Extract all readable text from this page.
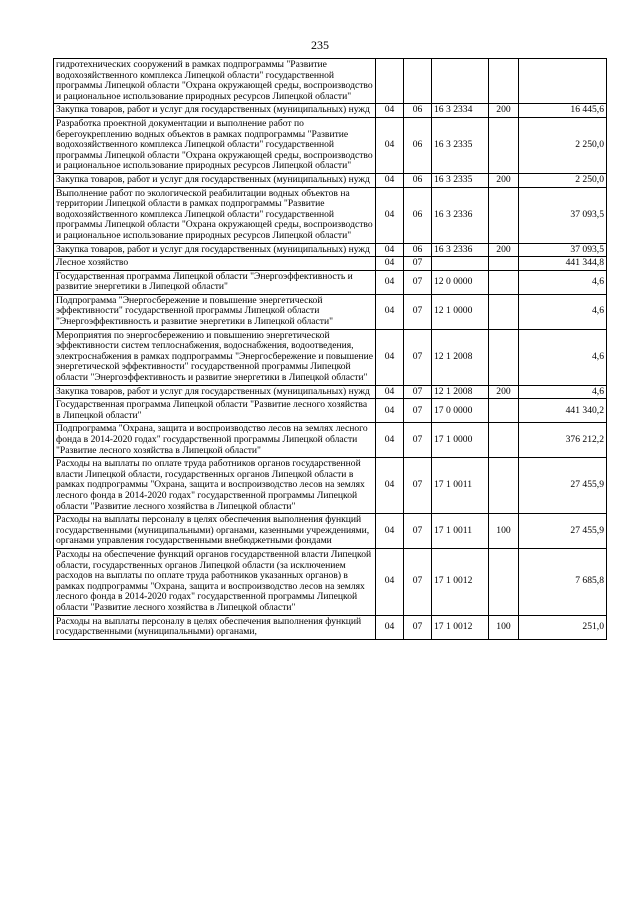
235
гидротехнических сооружений в рамках подпрограммы "Развитие водохозяйственного комплекса Липецкой области" государственной программы Липецкой области "Охрана окружающей среды, воспроизводство и рациональное использование природных ресурсов Липецкой области"					
Закупка товаров, работ и услуг для государственных (муниципальных) нужд	04	06	16 3 2334	200	16 445,6
Разработка проектной документации и выполнение работ по берегоукреплению водных объектов в рамках подпрограммы "Развитие водохозяйственного комплекса Липецкой области" государственной программы Липецкой области "Охрана окружающей среды, воспроизводство и рациональное использование природных ресурсов Липецкой области"	04	06	16 3 2335		2 250,0
Закупка товаров, работ и услуг для государственных (муниципальных) нужд	04	06	16 3 2335	200	2 250,0
Выполнение работ по экологической реабилитации водных объектов на территории Липецкой области в рамках подпрограммы "Развитие водохозяйственного комплекса Липецкой области" государственной программы Липецкой области "Охрана окружающей среды, воспроизводство и рациональное использование природных ресурсов Липецкой области"	04	06	16 3 2336		37 093,5
Закупка товаров, работ и услуг для государственных (муниципальных) нужд	04	06	16 3 2336	200	37 093,5
Лесное хозяйство	04	07			441 344,8
Государственная программа Липецкой области "Энергоэффективность и развитие энергетики в Липецкой области"	04	07	12 0 0000		4,6
Подпрограмма "Энергосбережение и повышение энергетической эффективности" государственной программы Липецкой области "Энергоэффективность и развитие энергетики в Липецкой области"	04	07	12 1 0000		4,6
Мероприятия по энергосбережению и повышению энергетической эффективности систем теплоснабжения, водоснабжения, водоотведения, электроснабжения в рамках подпрограммы "Энергосбережение и повышение энергетической эффективности" государственной программы Липецкой области "Энергоэффективность и развитие энергетики в Липецкой области"	04	07	12 1 2008		4,6
Закупка товаров, работ и услуг для государственных (муниципальных) нужд	04	07	12 1 2008	200	4,6
Государственная программа Липецкой области "Развитие лесного хозяйства в Липецкой области"	04	07	17 0 0000		441 340,2
Подпрограмма "Охрана, защита и воспроизводство лесов на землях лесного фонда в 2014-2020 годах" государственной программы Липецкой области "Развитие лесного хозяйства в Липецкой области"	04	07	17 1 0000		376 212,2
Расходы на выплаты по оплате труда работников органов государственной власти Липецкой области, государственных органов Липецкой области в рамках подпрограммы "Охрана, защита и воспроизводство лесов на землях лесного фонда в 2014-2020 годах" государственной программы Липецкой области "Развитие лесного хозяйства в Липецкой области"	04	07	17 1 0011		27 455,9
Расходы на выплаты персоналу в целях обеспечения выполнения функций государственными (муниципальными) органами, казенными учреждениями, органами управления государственными внебюджетными фондами	04	07	17 1 0011	100	27 455,9
Расходы на обеспечение функций органов государственной власти Липецкой области, государственных органов Липецкой области (за исключением расходов на выплаты по оплате труда работников указанных органов) в рамках подпрограммы "Охрана, защита и воспроизводство лесов на землях лесного фонда в 2014-2020 годах" государственной программы Липецкой области "Развитие лесного хозяйства в Липецкой области"	04	07	17 1 0012		7 685,8
Расходы на выплаты персоналу в целях обеспечения выполнения функций государственными (муниципальными) органами,	04	07	17 1 0012	100	251,0
